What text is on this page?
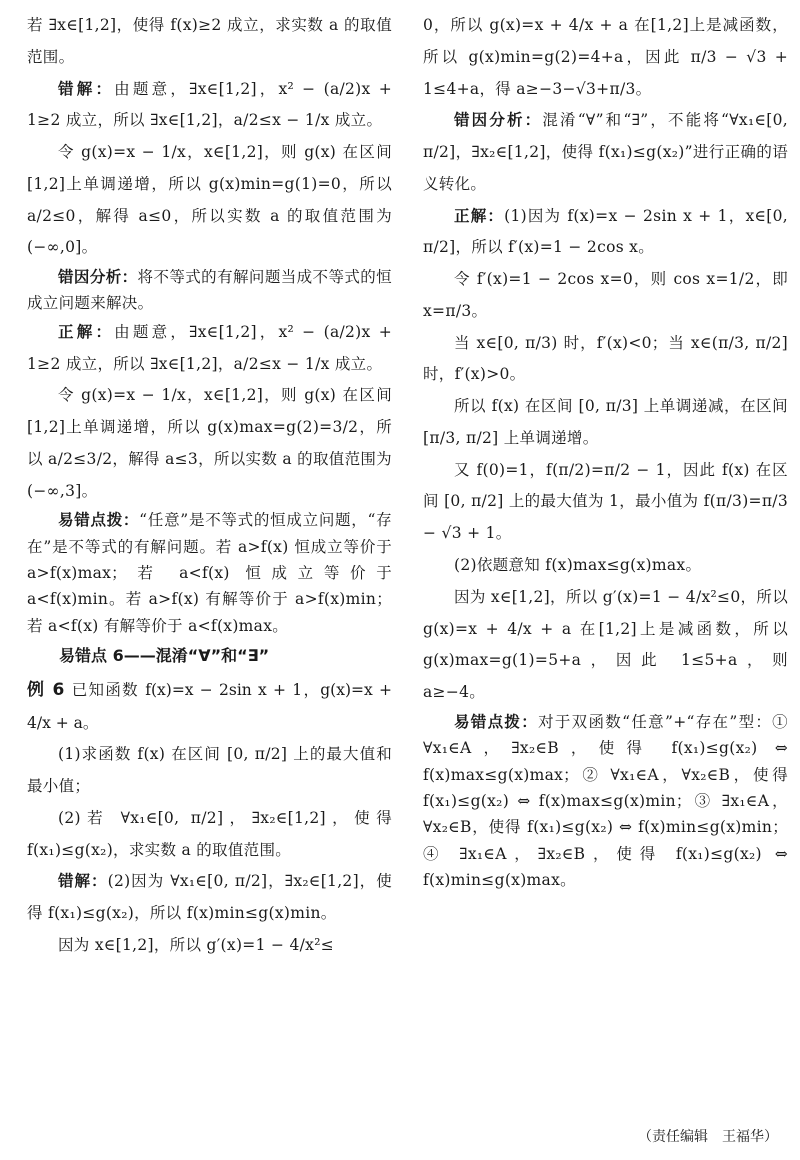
若 ∃x∈[1,2]，使得 f(x)≥2 成立，求实数 a 的取值范围。

错解：由题意，∃x∈[1,2]，x² − (a/2)x + 1≥2 成立，所以 ∃x∈[1,2]，a/2≤x − 1/x 成立。

令 g(x)=x − 1/x，x∈[1,2]，则 g(x) 在区间[1,2]上单调递增，所以 g(x)min=g(1)=0，所以 a/2≤0，解得 a≤0，所以实数 a 的取值范围为(−∞,0]。

错因分析：将不等式的有解问题当成不等式的恒成立问题来解决。

正解：由题意，∃x∈[1,2]，x² − (a/2)x + 1≥2 成立，所以 ∃x∈[1,2]，a/2≤x − 1/x 成立。

令 g(x)=x − 1/x，x∈[1,2]，则 g(x) 在区间[1,2]上单调递增，所以 g(x)max=g(2)=3/2，所以 a/2≤3/2，解得 a≤3，所以实数 a 的取值范围为(−∞,3]。

易错点拨：“任意”是不等式的恒成立问题，“存在”是不等式的有解问题。若 a>f(x) 恒成立等价于 a>f(x)max；若 a<f(x) 恒成立等价于 a<f(x)min。若 a>f(x) 有解等价于 a>f(x)min；若 a<f(x) 有解等价于 a<f(x)max。

易错点 6——混淆“∀”和“∃”

例 6 已知函数 f(x)=x − 2sin x + 1，g(x)=x + 4/x + a。

(1)求函数 f(x) 在区间 [0, π/2] 上的最大值和最小值；

(2)若 ∀x₁∈[0, π/2]，∃x₂∈[1,2]，使得 f(x₁)≤g(x₂)，求实数 a 的取值范围。

错解：(2)因为 ∀x₁∈[0, π/2]，∃x₂∈[1,2]，使得 f(x₁)≤g(x₂)，所以 f(x)min≤g(x)min。

因为 x∈[1,2]，所以 g′(x)=1 − 4/x²≤

0，所以 g(x)=x + 4/x + a 在[1,2]上是减函数，所以 g(x)min=g(2)=4+a，因此 π/3 − √3 + 1≤4+a，得 a≥−3−√3+π/3。

错因分析：混淆“∀”和“∃”，不能将“∀x₁∈[0, π/2]，∃x₂∈[1,2]，使得 f(x₁)≤g(x₂)”进行正确的语义转化。

正解：(1)因为 f(x)=x − 2sin x + 1，x∈[0, π/2]，所以 f′(x)=1 − 2cos x。

令 f′(x)=1 − 2cos x=0，则 cos x=1/2，即 x=π/3。

当 x∈[0, π/3) 时，f′(x)<0；当 x∈(π/3, π/2] 时，f′(x)>0。

所以 f(x) 在区间 [0, π/3] 上单调递减，在区间 [π/3, π/2] 上单调递增。

又 f(0)=1，f(π/2)=π/2 − 1，因此 f(x) 在区间 [0, π/2] 上的最大值为 1，最小值为 f(π/3)=π/3 − √3 + 1。

(2)依题意知 f(x)max≤g(x)max。

因为 x∈[1,2]，所以 g′(x)=1 − 4/x²≤0，所以 g(x)=x + 4/x + a 在[1,2]上是减函数，所以 g(x)max=g(1)=5+a，因此 1≤5+a，则 a≥−4。

易错点拨：对于双函数“任意”+“存在”型：① ∀x₁∈A，∃x₂∈B，使得 f(x₁)≤g(x₂) ⇔ f(x)max≤g(x)max；② ∀x₁∈A，∀x₂∈B，使得 f(x₁)≤g(x₂) ⇔ f(x)max≤g(x)min；③ ∃x₁∈A，∀x₂∈B，使得 f(x₁)≤g(x₂) ⇔ f(x)min≤g(x)min；④ ∃x₁∈A，∃x₂∈B，使得 f(x₁)≤g(x₂) ⇔ f(x)min≤g(x)max。

（责任编辑　王福华）
